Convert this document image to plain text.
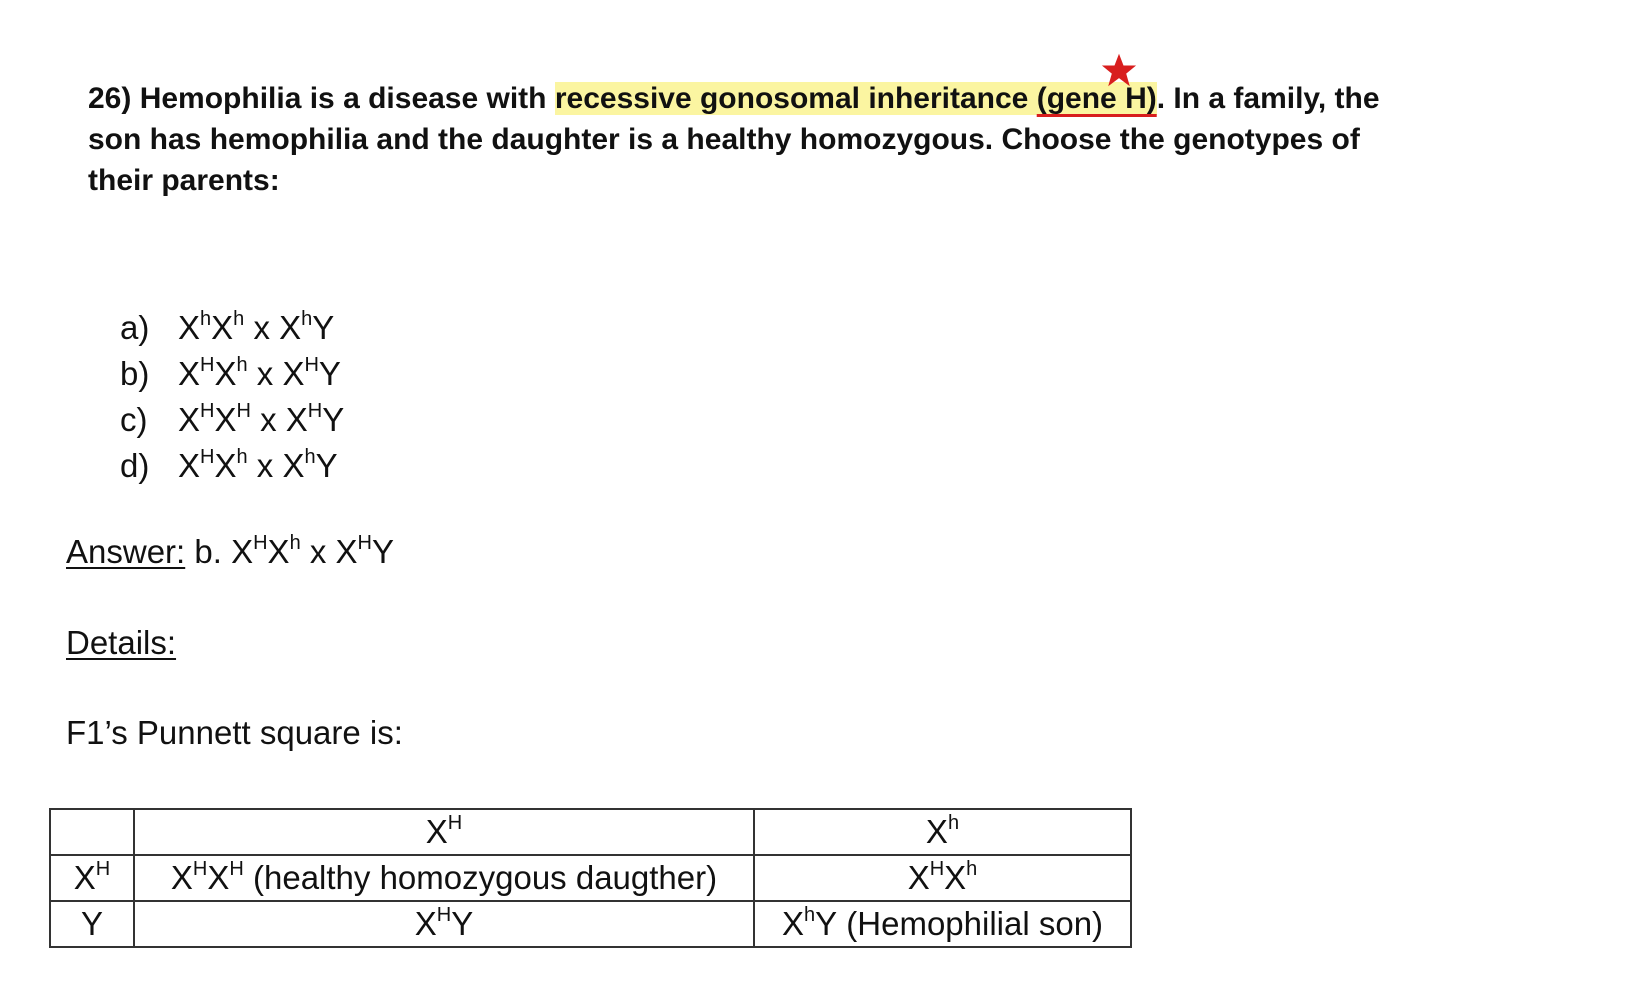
26) Hemophilia is a disease with recessive gonosomal inheritance (gene H). In a family, the son has hemophilia and the daughter is a healthy homozygous. Choose the genotypes of their parents:
a) $X^hX^h$ x $X^hY$
b) $X^HX^h$ x $X^HY$
c) $X^HX^H$ x $X^HY$
d) $X^HX^h$ x $X^hY$
Answer: b. $X^HX^h$ x $X^HY$
Details:
F1’s Punnett square is:
	$X^H$	$X^h$
$X^H$	$X^HX^H$ (healthy homozygous daugther)	$X^HX^h$
Y	$X^HY$	$X^hY$ (Hemophilial son)
